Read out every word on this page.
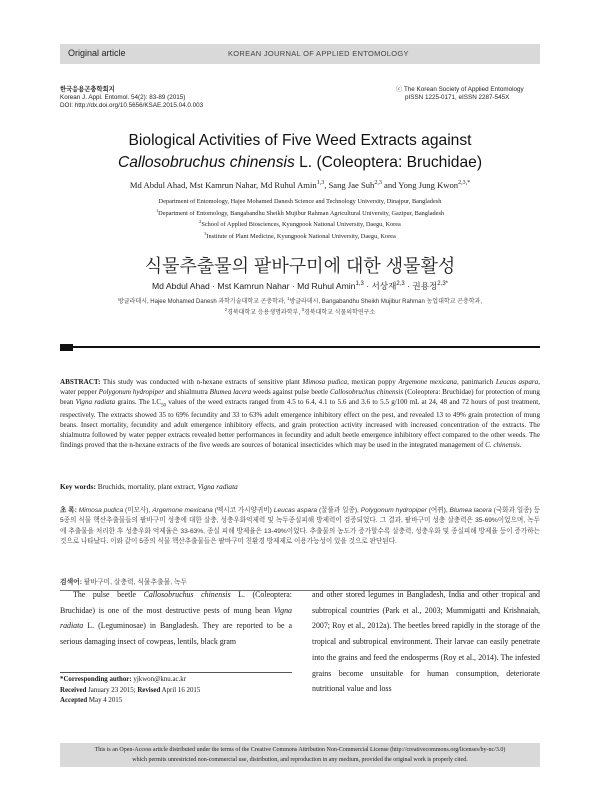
Original article	KOREAN JOURNAL OF APPLIED ENTOMOLOGY
한국응용곤충학회지
Korean J. Appl. Entomol. 54(2): 83-89 (2015)
DOI: http://dx.doi.org/10.5656/KSAE.2015.04.0.003
ⓒ The Korean Society of Applied Entomology
pISSN 1225-0171, eISSN 2287-545X
Biological Activities of Five Weed Extracts against
Callosobruchus chinensis L. (Coleoptera: Bruchidae)
Md Abdul Ahad, Mst Kamrun Nahar, Md Ruhul Amin$^{1,3}$, Sang Jae Suh$^{2,3}$ and Yong Jung Kwon$^{2,3,*}$
Department of Entomology, Hajee Mohamed Danesh Science and Technology University, Dinajpur, Bangladesh
$^1$Department of Entomology, Bangabandhu Sheikh Mujibur Rahman Agricultural University, Gazipur, Bangladesh
$^2$School of Applied Biosciences, Kyungpook National University, Daegu, Korea
$^3$Institute of Plant Medicine, Kyungpook National University, Daegu, Korea
식물추출물의 팥바구미에 대한 생물활성
Md Abdul Ahad · Mst Kamrun Nahar · Md Ruhul Amin$^{1,3}$ · 서상재$^{2,3}$ · 권용정$^{2,3*}$
방글라데시, Hajee Mohamed Danesh 과학기술대학교 곤충학과, $^1$방글라데시, Bangabandhu Sheikh Mujibur Rahman 농업대학교 곤충학과,
$^2$경북대학교 응용생명과학부, $^3$경북대학교 식물의학연구소
ABSTRACT: This study was conducted with n-hexane extracts of sensitive plant Mimosa pudica, mexican poppy Argemone mexicana, panimarich Leucas aspara, water pepper Polygonum hydropiper and shialmutra Blumea lacera weeds against pulse beetle Callosobruchus chinensis (Coleoptera: Bruchidae) for protection of mung bean Vigna radiata grains. The $LC_{50}$ values of the weed extracts ranged from 4.5 to 6.4, 4.1 to 5.6 and 3.6 to 5.5 g/100 mL at 24, 48 and 72 hours of post treatment, respectively. The extracts showed 35 to 69% fecundity and 33 to 63% adult emergence inhibitory effect on the pest, and revealed 13 to 49% grain protection of mung beans. Insect mortality, fecundity and adult emergence inhibitory effects, and grain protection activity increased with increased concentration of the extracts. The shialmutra followed by water pepper extracts revealed better performances in fecundity and adult beetle emergence inhibitory effect compared to the other weeds. The findings proved that the n-hexane extracts of the five weeds are sources of botanical insecticides which may be used in the integrated management of C. chinensis.
Key words: Bruchids, mortality, plant extract, Vigna radiata
초 록: Mimosa pudica (미모사), Argemone mexicana (멕시코 가시양귀비) Leucas aspara (꿀풀과 일종), Polygonum hydropiper (여뀌), Blumea lacera (국화과 일종) 등 5종의 식물 핵산추출물들의 팥바구미 성충에 대한 살충, 성충우화억제력 및 녹두종실피해 방제력이 검증되었다. 그 결과, 팥바구미 성충 살충력은 35-69%이었으며, 녹두에 추출물을 처리한 후 성충우화 억제율은 33-63%, 종실 피해 방제율은 13-49%이었다. 추출물의 농도가 증가할수록 살충력, 성충우화 및 종실피해 방제율 등이 증가하는 것으로 나타났다. 이와 같이 5종의 식물 핵산추출물들은 팥바구미 친환경 방제제로 이용가능성이 있을 것으로 판단된다.
검색어: 팥바구미, 살충력, 식물추출물, 녹두
The pulse beetle Callosobruchus chinensis L. (Coleoptera: Bruchidae) is one of the most destructive pests of mung bean Vigna radiata L. (Leguminosae) in Bangladesh. They are reported to be a serious damaging insect of cowpeas, lentils, black gram
and other stored legumes in Bangladesh, India and other tropical and subtropical countries (Park et al., 2003; Mummigatti and Krishnaiah, 2007; Roy et al., 2012a). The beetles breed rapidly in the storage of the tropical and subtropical environment. Their larvae can easily penetrate into the grains and feed the endosperms (Roy et al., 2014). The infested grains become unsuitable for human consumption, deteriorate nutritional value and loss
*Corresponding author: yjkwon@knu.ac.kr
Received January 23 2015; Revised April 16 2015
Accepted May 4 2015
This is an Open-Access article distributed under the terms of the Creative Commons Attribution Non-Commercial License (http://creativecommons.org/licenses/by-nc/3.0)
which permits unrestricted non-commercial use, distribution, and reproduction in any medium, provided the original work is properly cited.
